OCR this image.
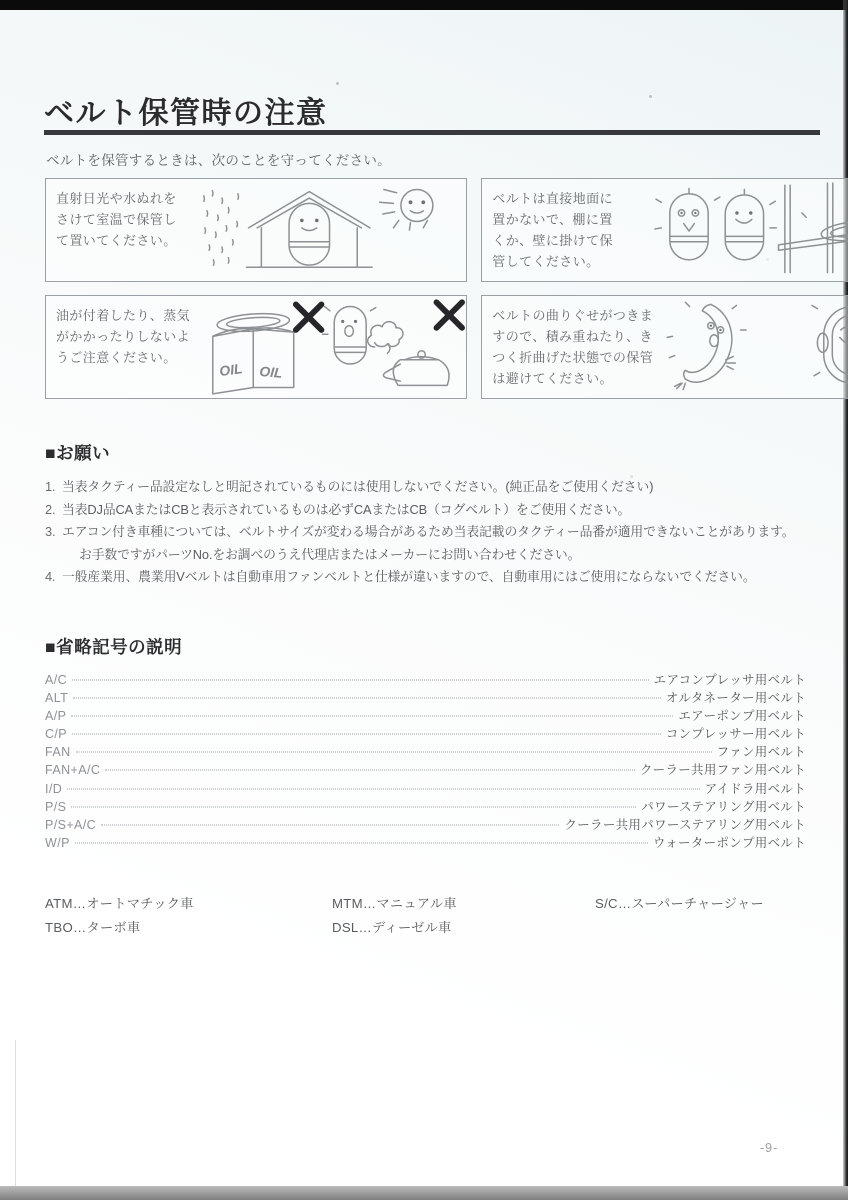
ベルト保管時の注意

ベルトを保管するときは、次のことを守ってください。

直射日光や水ぬれをさけて室温で保管して置いてください。

ベルトは直接地面に置かないで、棚に置くか、壁に掛けて保管してください。

油が付着したり、蒸気がかかったりしないようご注意ください。

OIL OIL

ベルトの曲りぐせがつきますので、積み重ねたり、きつく折曲げた状態での保管は避けてください。

■お願い
1. 当表タクティー品設定なしと明記されているものには使用しないでください。(純正品をご使用ください)
2. 当表DJ品CAまたはCBと表示されているものは必ずCAまたはCB（コグベルト）をご使用ください。
3. エアコン付き車種については、ベルトサイズが変わる場合があるため当表記載のタクティー品番が適用できないことがあります。
お手数ですがパーツNo.をお調べのうえ代理店またはメーカーにお問い合わせください。
4. 一般産業用、農業用Vベルトは自動車用ファンベルトと仕様が違いますので、自動車用にはご使用にならないでください。
■省略記号の説明
A/C	エアコンプレッサ用ベルト
ALT	オルタネーター用ベルト
A/P	エアーポンプ用ベルト
C/P	コンプレッサー用ベルト
FAN	ファン用ベルト
FAN+A/C	クーラー共用ファン用ベルト
I/D	アイドラ用ベルト
P/S	パワーステアリング用ベルト
P/S+A/C	クーラー共用パワーステアリング用ベルト
W/P	ウォーターポンプ用ベルト
ATM…オートマチック車	MTM…マニュアル車	S/C…スーパーチャージャー
TBO…ターボ車	DSL…ディーゼル車
-9-
